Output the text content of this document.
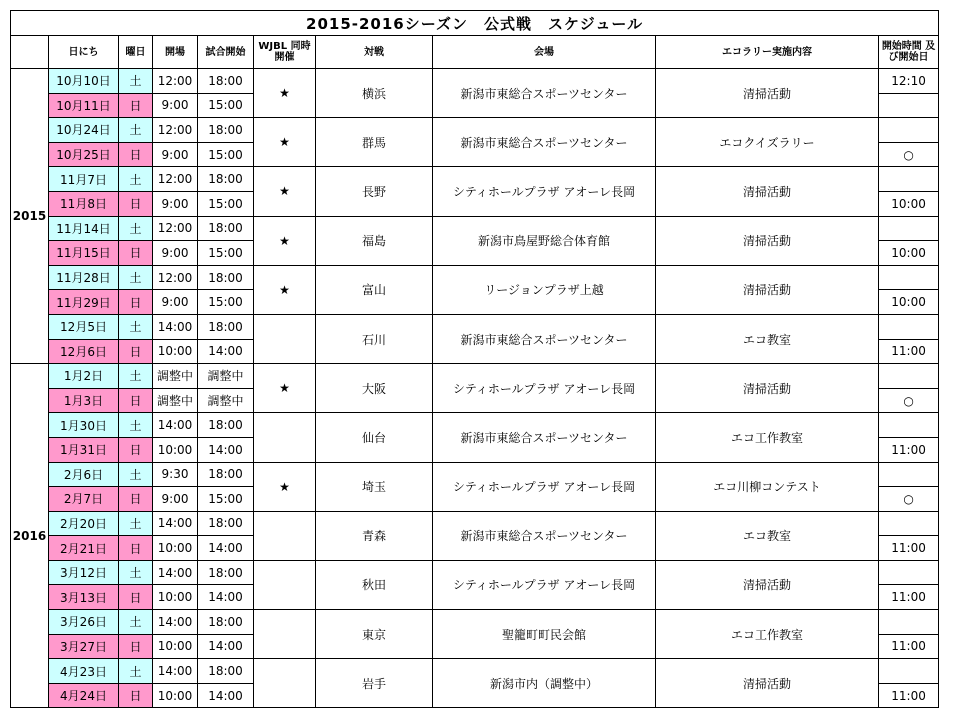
2015-2016シーズン　公式戦　スケジュール									
	日にち	曜日	開場	試合開始	WJBL 同時開催	対戦	会場	エコラリー実施内容	開始時間 及び開始日
2015	10月10日	土	12:00	18:00	★	横浜	新潟市東総合スポーツセンター	清掃活動	12:10
	10月11日	日	9:00	15:00					
	10月24日	土	12:00	18:00	★	群馬	新潟市東総合スポーツセンター	エコクイズラリー	
	10月25日	日	9:00	15:00					○
	11月7日	土	12:00	18:00	★	長野	シティホールプラザ アオーレ長岡	清掃活動	
	11月8日	日	9:00	15:00					10:00
	11月14日	土	12:00	18:00	★	福島	新潟市鳥屋野総合体育館	清掃活動	
	11月15日	日	9:00	15:00					10:00
	11月28日	土	12:00	18:00	★	富山	リージョンプラザ上越	清掃活動	
	11月29日	日	9:00	15:00					10:00
	12月5日	土	14:00	18:00		石川	新潟市東総合スポーツセンター	エコ教室	
	12月6日	日	10:00	14:00					11:00
2016	1月2日	土	調整中	調整中	★	大阪	シティホールプラザ アオーレ長岡	清掃活動	
	1月3日	日	調整中	調整中					○
	1月30日	土	14:00	18:00		仙台	新潟市東総合スポーツセンター	エコ工作教室	
	1月31日	日	10:00	14:00					11:00
	2月6日	土	9:30	18:00	★	埼玉	シティホールプラザ アオーレ長岡	エコ川柳コンテスト	
	2月7日	日	9:00	15:00					○
	2月20日	土	14:00	18:00		青森	新潟市東総合スポーツセンター	エコ教室	
	2月21日	日	10:00	14:00					11:00
	3月12日	土	14:00	18:00		秋田	シティホールプラザ アオーレ長岡	清掃活動	
	3月13日	日	10:00	14:00					11:00
	3月26日	土	14:00	18:00		東京	聖籠町町民会館	エコ工作教室	
	3月27日	日	10:00	14:00					11:00
	4月23日	土	14:00	18:00		岩手	新潟市内（調整中）	清掃活動	
	4月24日	日	10:00	14:00					11:00
